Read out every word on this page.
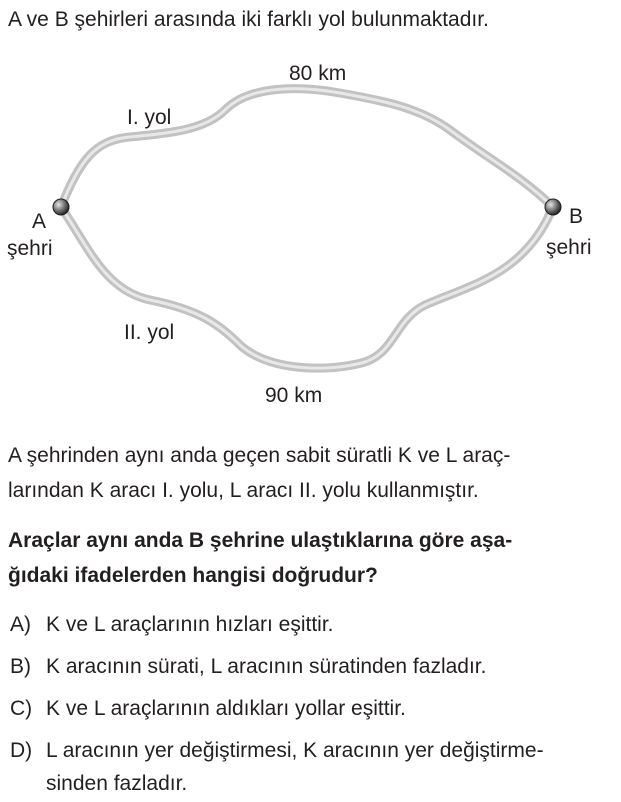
A ve B şehirleri arasında iki farklı yol bulunmaktadır.
80 km
I. yol
A
şehri
B
şehri
II. yol
90 km
A şehrinden aynı anda geçen sabit süratli K ve L araç-
larından K aracı I. yolu, L aracı II. yolu kullanmıştır.
Araçlar aynı anda B şehrine ulaştıklarına göre aşa-
ğıdaki ifadelerden hangisi doğrudur?
A) K ve L araçlarının hızları eşittir.
B) K aracının sürati, L aracının süratinden fazladır.
C) K ve L araçlarının aldıkları yollar eşittir.
D) L aracının yer değiştirmesi, K aracının yer değiştirme-
sinden fazladır.
